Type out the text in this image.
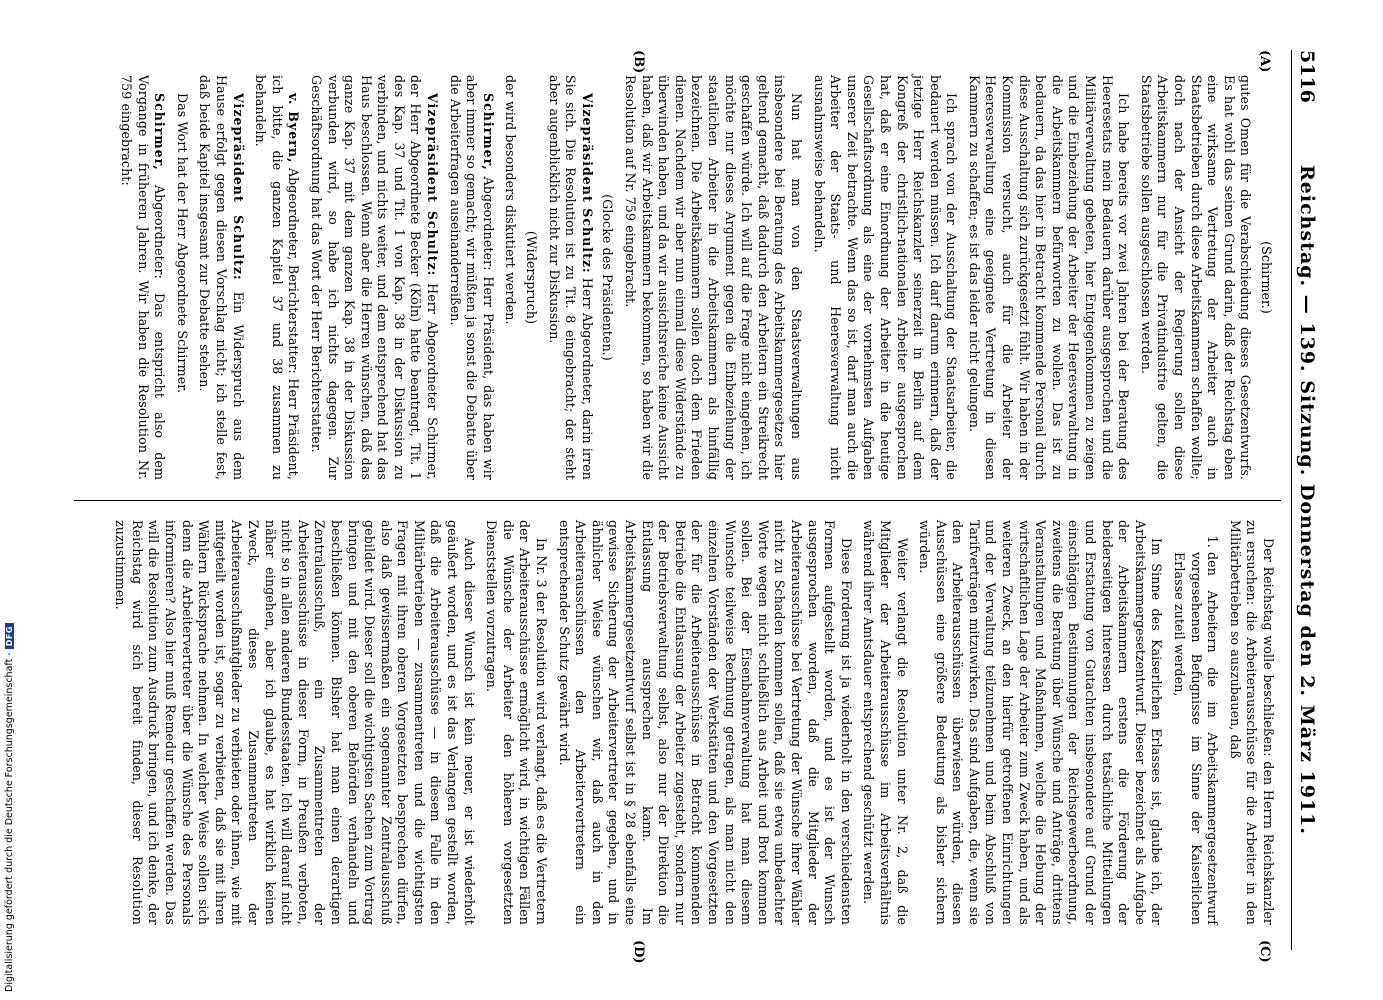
5116
Reichstag. — 139. Sitzung. Donnerstag den 2. März 1911.
(A)
(B)
(C)
(D)

(Schirmer.)

gutes Omen für die Verabschiedung dieses Gesetzentwurfs. Es hat wohl das seinen Grund darin, daß der Reichstag eben eine wirksame Vertretung der Arbeiter auch in Staatsbetrieben durch diese Arbeitskammern schaffen wollte; doch nach der Ansicht der Regierung sollen diese Arbeitskammern nur für die Privatindustrie gelten, die Staatsbetriebe sollen ausgeschlossen werden.

Ich habe bereits vor zwei Jahren bei der Beratung des Heeresetats mein Bedauern darüber ausgesprochen und die Militärverwaltung gebeten, hier Entgegenkommen zu zeigen und die Einbeziehung der Arbeiter der Heeresverwaltung in die Arbeitskammern befürworten zu wollen. Das ist zu bedauern, da das hier in Betracht kommende Personal durch diese Ausschaltung sich zurückgesetzt fühlt. Wir haben in der Kommission versucht, auch für die Arbeiter der Heeresverwaltung eine geeignete Vertretung in diesen Kammern zu schaffen; es ist das leider nicht gelungen.

Ich sprach von der Ausschaltung der Staatsarbeiter, die bedauert werden müssen. Ich darf darum erinnern, daß der jetzige Herr Reichskanzler seinerzeit in Berlin auf dem Kongreß der christlich-nationalen Arbeiter ausgesprochen hat, daß er eine Einordnung der Arbeiter in die heutige Gesellschaftsordnung als eine der vornehmsten Aufgaben unserer Zeit betrachte. Wenn das so ist, darf man auch die Arbeiter der Staats- und Heeresverwaltung nicht ausnahmsweise behandeln.

Nun hat man von den Staatsverwaltungen aus insbesondere bei Beratung des Arbeitskammergesetzes hier geltend gemacht, daß dadurch den Arbeitern ein Streikrecht geschaffen würde. Ich will auf die Frage nicht eingehen, ich möchte nur dieses Argument gegen die Einbeziehung der staatlichen Arbeiter in die Arbeitskammern als hinfällig bezeichnen. Die Arbeitskammern sollen doch dem Frieden dienen. Nachdem wir aber nun einmal diese Widerstände zu überwinden haben, und da wir aussichtsreiche keine Aussicht haben, daß wir Arbeitskammern bekommen, so haben wir die Resolution auf Nr. 759 eingebracht.

(Glocke des Präsidenten.)

Vizepräsident Schultz: Herr Abgeordneter, darin irren Sie sich. Die Resolution ist zu Tit. 8 eingebracht; der steht aber augenblicklich nicht zur Diskussion.

(Widerspruch)

der wird besonders diskutiert werden.

Schirmer, Abgeordneter: Herr Präsident, das haben wir aber immer so gemacht; wir müßten ja sonst die Debatte über die Arbeiterfragen auseinanderreißen.

Vizepräsident Schultz: Herr Abgeordneter Schirmer, der Herr Abgeordnete Becker (Köln) hatte beantragt, Tit. 1 des Kap. 37 und Tit. 1 von Kap. 38 in der Diskussion zu verbinden, und nichts weiter, und dem entsprechend hat das Haus beschlossen. Wenn aber die Herren wünschen, daß das ganze Kap. 37 mit dem ganzen Kap. 38 in der Diskussion verbunden wird, so habe ich nichts dagegen. Zur Geschäftsordnung hat das Wort der Herr Berichterstatter.

v. Byern, Abgeordneter, Berichterstatter: Herr Präsident, ich bitte, die ganzen Kapitel 37 und 38 zusammen zu behandeln.

Vizepräsident Schultz: Ein Widerspruch aus dem Hause erfolgt gegen diesen Vorschlag nicht; ich stelle fest, daß beide Kapitel insgesamt zur Debatte stehen.

Das Wort hat der Herr Abgeordnete Schirmer.

Schirmer, Abgeordneter: Das entspricht also dem Vorgange in früheren Jahren. Wir haben die Resolution Nr. 759 eingebracht:

Der Reichstag wolle beschließen: den Herrn Reichskanzler zu ersuchen: die Arbeiterausschüsse für die Arbeiter in den Militärbetrieben so auszubauen, daß

1. den Arbeitern die im Arbeitskammergesetzentwurf vorgesehenen Befugnisse im Sinne der Kaiserlichen Erlasse zuteil werden,

Im Sinne des Kaiserlichen Erlasses ist, glaube ich, der Arbeitskammergesetzentwurf. Dieser bezeichnet als Aufgabe der Arbeitskammern erstens die Förderung der beiderseitigen Interessen durch tatsächliche Mitteilungen und Erstattung von Gutachten insbesondere auf Grund der einschlägigen Bestimmungen der Reichsgewerbeordnung, zweitens die Beratung über Wünsche und Anträge, drittens Veranstaltungen und Maßnahmen, welche die Hebung der wirtschaftlichen Lage der Arbeiter zum Zweck haben, und als weiteren Zweck, an den hierfür getroffenen Einrichtungen und der Verwaltung teilzunehmen und beim Abschluß von Tarifverträgen mitzuwirken. Das sind Aufgaben, die, wenn sie den Arbeiterausschüssen überwiesen würden, diesen Ausschüssen eine größere Bedeutung als bisher sichern würden.

Weiter verlangt die Resolution unter Nr. 2, daß die Mitglieder der Arbeiterausschüsse im Arbeitsverhältnis während ihrer Amtsdauer entsprechend geschützt werden.

Diese Forderung ist ja wiederholt in den verschiedensten Formen aufgestellt worden, und es ist der Wunsch ausgesprochen worden, daß die Mitglieder der Arbeiterausschüsse bei Vertretung der Wünsche ihrer Wähler nicht zu Schaden kommen sollen, daß sie etwa unbedachter Worte wegen nicht schließlich aus Arbeit und Brot kommen sollen. Bei der Eisenbahnverwaltung hat man diesem Wunsche teilweise Rechnung getragen, als man nicht den einzelnen Vorständen der Werkstätten und den Vorgesetzten der für die Arbeiterausschüsse in Betracht kommenden Betriebe die Entlassung der Arbeiter zugesteht, sondern nur der Betriebsverwaltung selbst, also nur der Direktion die Entlassung aussprechen kann. Im Arbeitskammergesetzentwurf selbst ist in § 28 ebenfalls eine gewisse Sicherung der Arbeitervertreter gegeben, und in ähnlicher Weise wünschen wir, daß auch in den Arbeiterausschüssen den Arbeitervertretern ein entsprechender Schutz gewährt wird.

In Nr. 3 der Resolution wird verlangt, daß es die Vertretern der Arbeiterausschüsse ermöglicht wird, in wichtigen Fällen die Wünsche der Arbeiter den höheren vorgesetzten Dienststellen vorzutragen.

Auch dieser Wunsch ist kein neuer, er ist wiederholt geäußert worden, und es ist das Verlangen gestellt worden, daß die Arbeiterausschüsse — in diesem Falle in den Militärbetrieben — zusammentreten und die wichtigsten Fragen mit ihren oberen Vorgesetzten besprechen dürfen, also daß gewissermaßen ein sogenannter Zentralausschuß gebildet wird. Dieser soll die wichtigsten Sachen zum Vortrag bringen und mit den oberen Behörden verhandeln und beschließen können. Bisher hat man einen derartigen Zentralausschuß, ein Zusammentreten der Arbeiterausschüsse in dieser Form, in Preußen verboten, nicht so in allen anderen Bundesstaaten. Ich will darauf nicht näher eingehen, aber ich glaube, es hat wirklich keinen Zweck, dieses Zusammentreten der Arbeiterausschußmitglieder zu verbieten oder ihnen, wie mit mitgeteilt worden ist, sogar zu verbieten, daß sie mit ihren Wählern Rücksprache nehmen. In welcher Weise sollen sich denn die Arbeitervertreter über die Wünsche des Personals informieren? Also hier muß Remedur geschaffen werden. Das will die Resolution zum Ausdruck bringen, und ich denke, der Reichstag wird sich bereit finden, dieser Resolution zuzustimmen.

Digitalisierung gefördert durch die Deutsche Forschungsgemeinschaft -DFG
